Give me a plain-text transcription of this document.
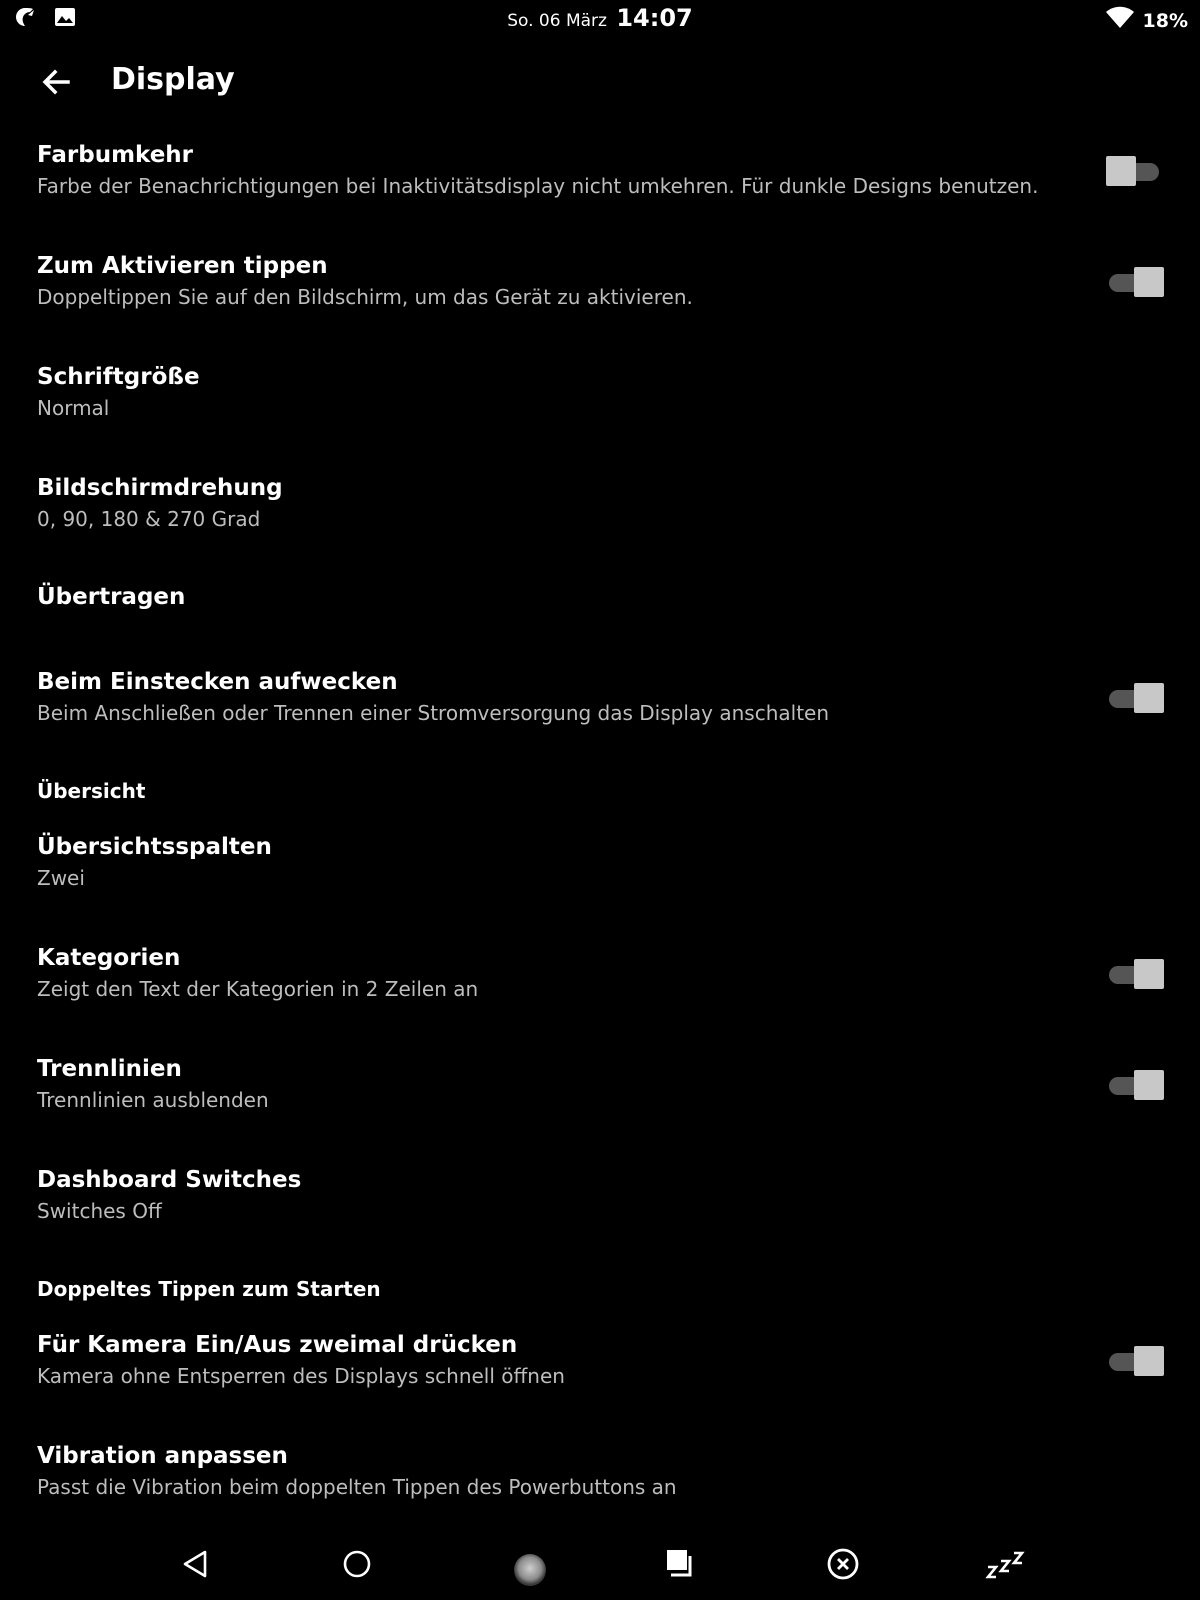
So. 06 März 14:07	18%
Display
Farbumkehr
Farbe der Benachrichtigungen bei Inaktivitätsdisplay nicht umkehren. Für dunkle Designs benutzen.
Zum Aktivieren tippen
Doppeltippen Sie auf den Bildschirm, um das Gerät zu aktivieren.
Schriftgröße
Normal
Bildschirmdrehung
0, 90, 180 & 270 Grad
Übertragen
Beim Einstecken aufwecken
Beim Anschließen oder Trennen einer Stromversorgung das Display anschalten
Übersicht
Übersichtsspalten
Zwei
Kategorien
Zeigt den Text der Kategorien in 2 Zeilen an
Trennlinien
Trennlinien ausblenden
Dashboard Switches
Switches Off
Doppeltes Tippen zum Starten
Für Kamera Ein/Aus zweimal drücken
Kamera ohne Entsperren des Displays schnell öffnen
Vibration anpassen
Passt die Vibration beim doppelten Tippen des Powerbuttons an
